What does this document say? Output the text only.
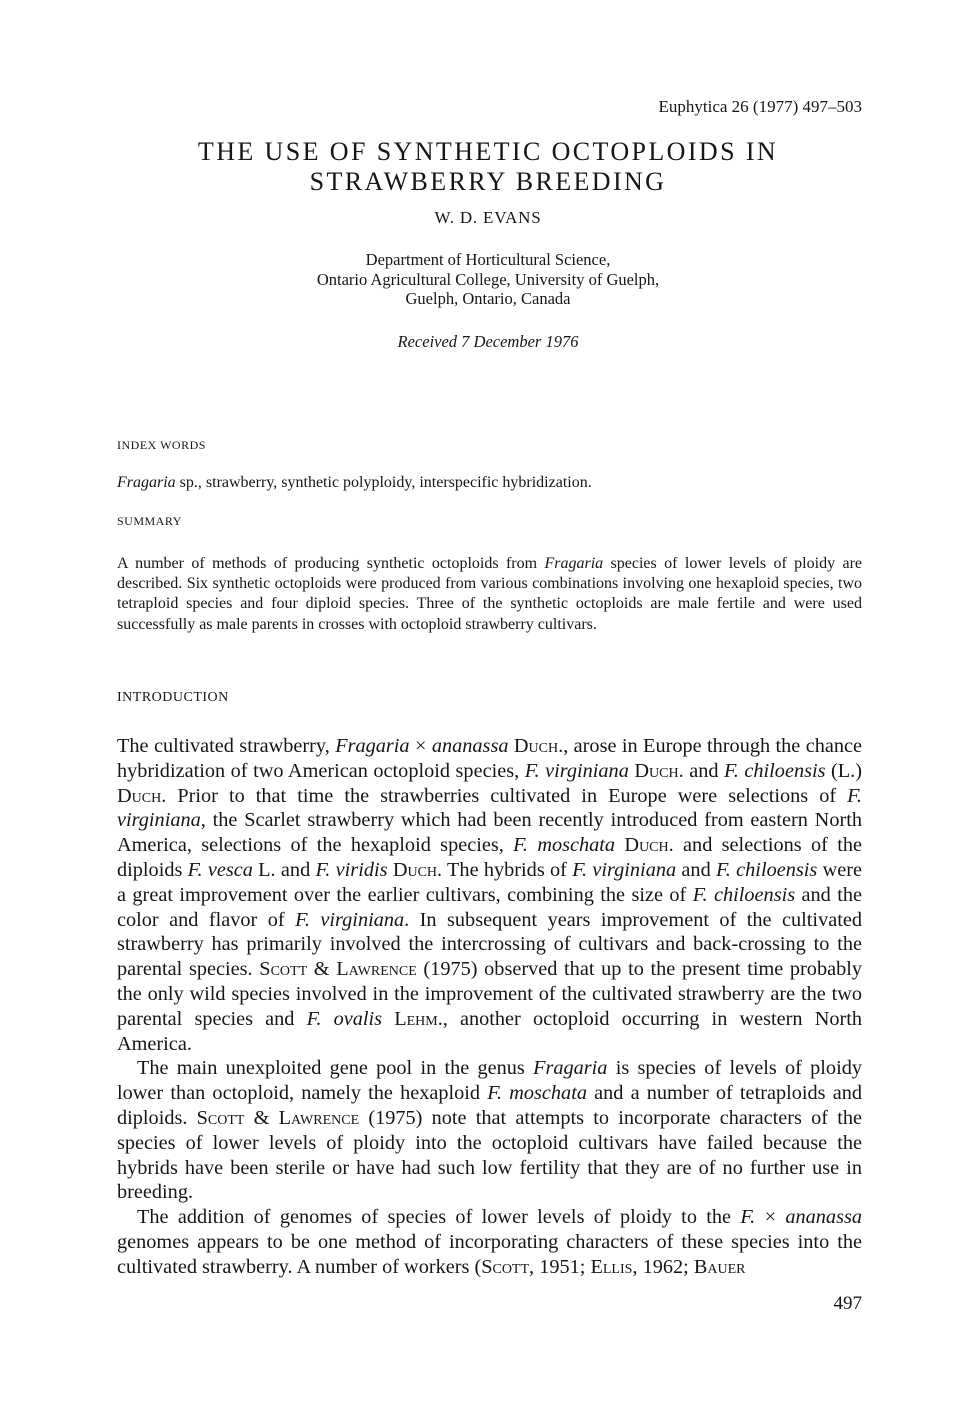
Euphytica 26 (1977) 497–503
THE USE OF SYNTHETIC OCTOPLOIDS IN
STRAWBERRY BREEDING
W. D. EVANS
Department of Horticultural Science,
Ontario Agricultural College, University of Guelph,
Guelph, Ontario, Canada
Received 7 December 1976
INDEX WORDS
Fragaria sp., strawberry, synthetic polyploidy, interspecific hybridization.
SUMMARY
A number of methods of producing synthetic octoploids from Fragaria species of lower levels of ploidy are described. Six synthetic octoploids were produced from various combinations involving one hexaploid species, two tetraploid species and four diploid species. Three of the synthetic octoploids are male fertile and were used successfully as male parents in crosses with octoploid strawberry cultivars.
INTRODUCTION

The cultivated strawberry, Fragaria × ananassa Duch., arose in Europe through the chance hybridization of two American octoploid species, F. virginiana Duch. and F. chiloensis (L.) Duch. Prior to that time the strawberries cultivated in Europe were selections of F. virginiana, the Scarlet strawberry which had been recently introduced from eastern North America, selections of the hexaploid species, F. moschata Duch. and selections of the diploids F. vesca L. and F. viridis Duch. The hybrids of F. virginiana and F. chiloensis were a great improvement over the earlier cultivars, combining the size of F. chiloensis and the color and flavor of F. virginiana. In subsequent years improvement of the cultivated strawberry has primarily involved the intercrossing of cultivars and back-crossing to the parental species. Scott & Lawrence (1975) observed that up to the present time probably the only wild species involved in the improvement of the cultivated strawberry are the two parental species and F. ovalis Lehm., another octoploid occurring in western North America.

The main unexploited gene pool in the genus Fragaria is species of levels of ploidy lower than octoploid, namely the hexaploid F. moschata and a number of tetraploids and diploids. Scott & Lawrence (1975) note that attempts to incorporate characters of the species of lower levels of ploidy into the octoploid cultivars have failed because the hybrids have been sterile or have had such low fertility that they are of no further use in breeding.

The addition of genomes of species of lower levels of ploidy to the F. × ananassa genomes appears to be one method of incorporating characters of these species into the cultivated strawberry. A number of workers (Scott, 1951; Ellis, 1962; Bauer

497
